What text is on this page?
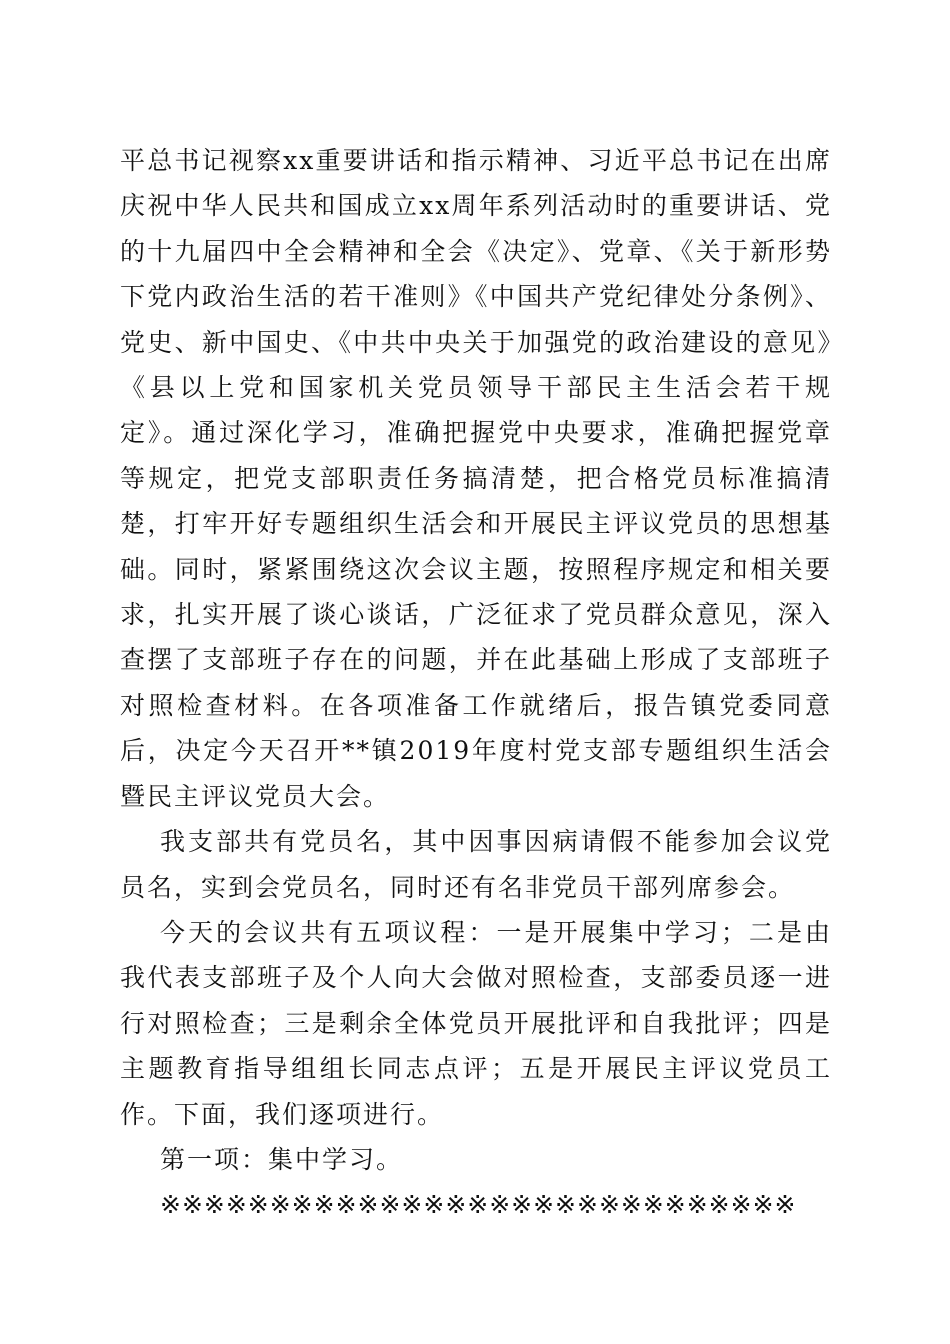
平总书记视察xx重要讲话和指示精神、习近平总书记在出席庆祝中华人民共和国成立xx周年系列活动时的重要讲话、党的十九届四中全会精神和全会《决定》、党章、《关于新形势下党内政治生活的若干准则》《中国共产党纪律处分条例》、党史、新中国史、《中共中央关于加强党的政治建设的意见》《县以上党和国家机关党员领导干部民主生活会若干规定》。通过深化学习，准确把握党中央要求，准确把握党章等规定，把党支部职责任务搞清楚，把合格党员标准搞清楚，打牢开好专题组织生活会和开展民主评议党员的思想基础。同时，紧紧围绕这次会议主题，按照程序规定和相关要求，扎实开展了谈心谈话，广泛征求了党员群众意见，深入查摆了支部班子存在的问题，并在此基础上形成了支部班子对照检查材料。在各项准备工作就绪后，报告镇党委同意后，决定今天召开**镇2019年度村党支部专题组织生活会暨民主评议党员大会。

我支部共有党员名，其中因事因病请假不能参加会议党员名，实到会党员名，同时还有名非党员干部列席参会。

今天的会议共有五项议程：一是开展集中学习；二是由我代表支部班子及个人向大会做对照检查，支部委员逐一进行对照检查；三是剩余全体党员开展批评和自我批评；四是主题教育指导组组长同志点评；五是开展民主评议党员工作。下面，我们逐项进行。

第一项：集中学习。

※※※※※※※※※※※※※※※※※※※※※※※※※※※※※
